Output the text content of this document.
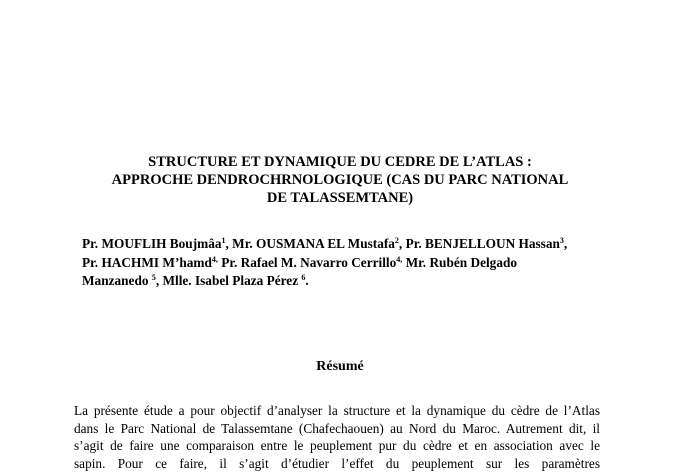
STRUCTURE ET DYNAMIQUE DU CEDRE DE L’ATLAS :
APPROCHE DENDROCHRNOLOGIQUE (CAS DU PARC NATIONAL
DE TALASSEMTANE)
Pr. MOUFLIH Boujmâa$^1$, Mr. OUSMANA EL Mustafa$^2$, Pr. BENJELLOUN Hassan$^3$,
Pr. HACHMI M’hamd$^{4,}$ Pr. Rafael M. Navarro Cerrillo$^{4,}$ Mr. Rubén Delgado
Manzanedo $^5$, Mlle. Isabel Plaza Pérez $^6$.
Résumé
La présente étude a pour objectif d’analyser la structure et la dynamique du cèdre de l’Atlas
dans le Parc National de Talassemtane (Chafechaouen) au Nord du Maroc. Autrement dit, il
s’agit de faire une comparaison entre le peuplement pur du cèdre et en association avec le
sapin. Pour ce faire, il s’agit d’étudier l’effet du peuplement sur les paramètres
